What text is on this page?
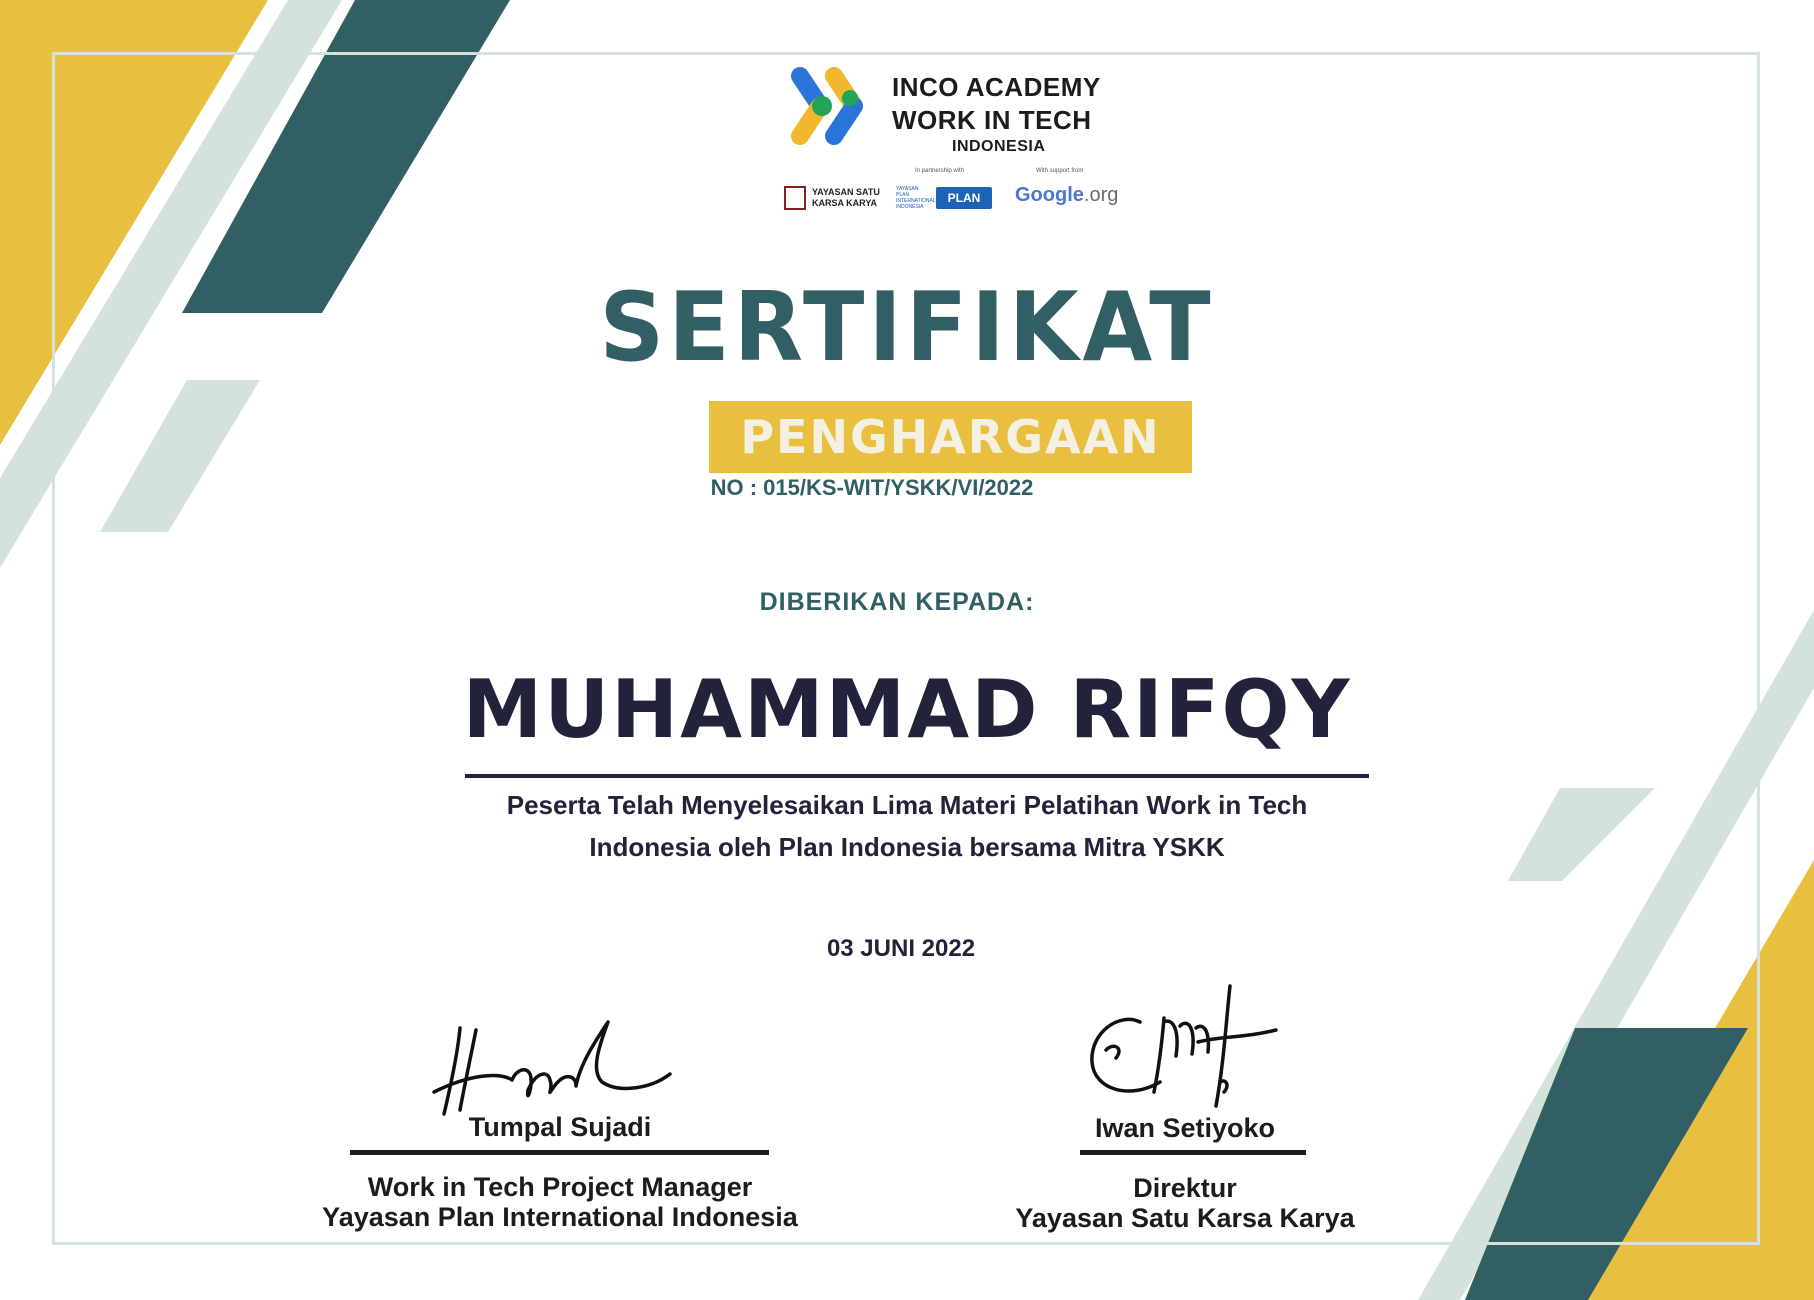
INCO ACADEMY
WORK IN TECH
INDONESIA
In partnership with	With support from
YAYASAN SATU
KARSA KARYA
YAYASAN PLAN INTERNATIONAL INDONESIA
PLAN	Google.org
SERTIFIKAT
PENGHARGAAN
NO : 015/KS-WIT/YSKK/VI/2022
DIBERIKAN KEPADA:
MUHAMMAD RIFQY
Peserta Telah Menyelesaikan Lima Materi Pelatihan Work in Tech
Indonesia oleh Plan Indonesia bersama Mitra YSKK
03 JUNI 2022
Tumpal Sujadi
Work in Tech Project Manager
Yayasan Plan International Indonesia
Iwan Setiyoko
Direktur
Yayasan Satu Karsa Karya
